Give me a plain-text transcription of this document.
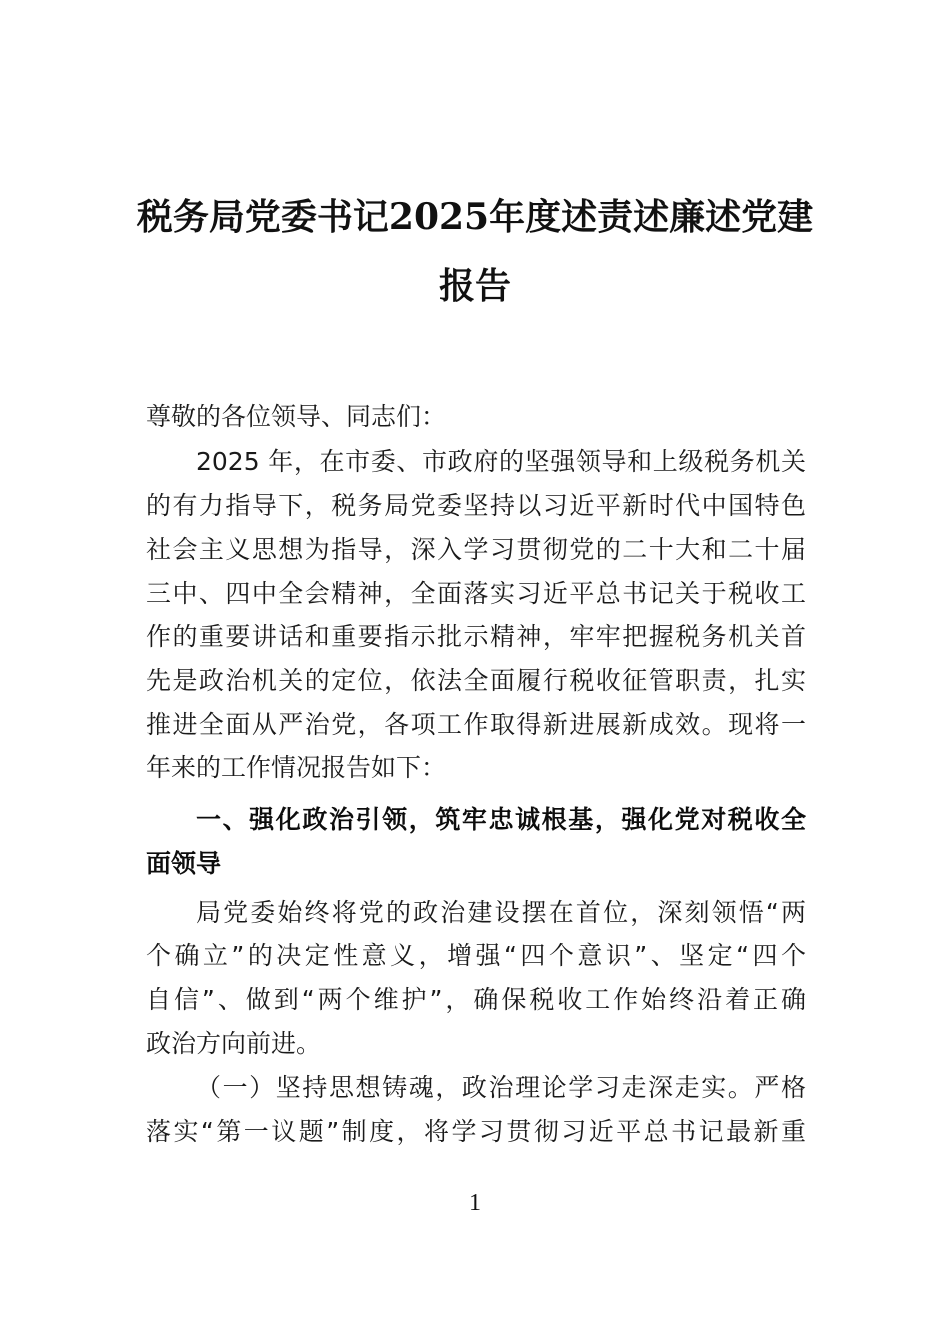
税务局党委书记2025年度述责述廉述党建
报告
尊敬的各位领导、同志们：
2025 年，在市委、市政府的坚强领导和上级税务机关
的有力指导下，税务局党委坚持以习近平新时代中国特色
社会主义思想为指导，深入学习贯彻党的二十大和二十届
三中、四中全会精神，全面落实习近平总书记关于税收工
作的重要讲话和重要指示批示精神，牢牢把握税务机关首
先是政治机关的定位，依法全面履行税收征管职责，扎实
推进全面从严治党，各项工作取得新进展新成效。现将一
年来的工作情况报告如下：
一、强化政治引领，筑牢忠诚根基，强化党对税收全
面领导
局党委始终将党的政治建设摆在首位，深刻领悟“两
个确立”的决定性意义，增强“四个意识”、坚定“四个
自信”、做到“两个维护”，确保税收工作始终沿着正确
政治方向前进。
（一）坚持思想铸魂，政治理论学习走深走实。严格
落实“第一议题”制度，将学习贯彻习近平总书记最新重
1
